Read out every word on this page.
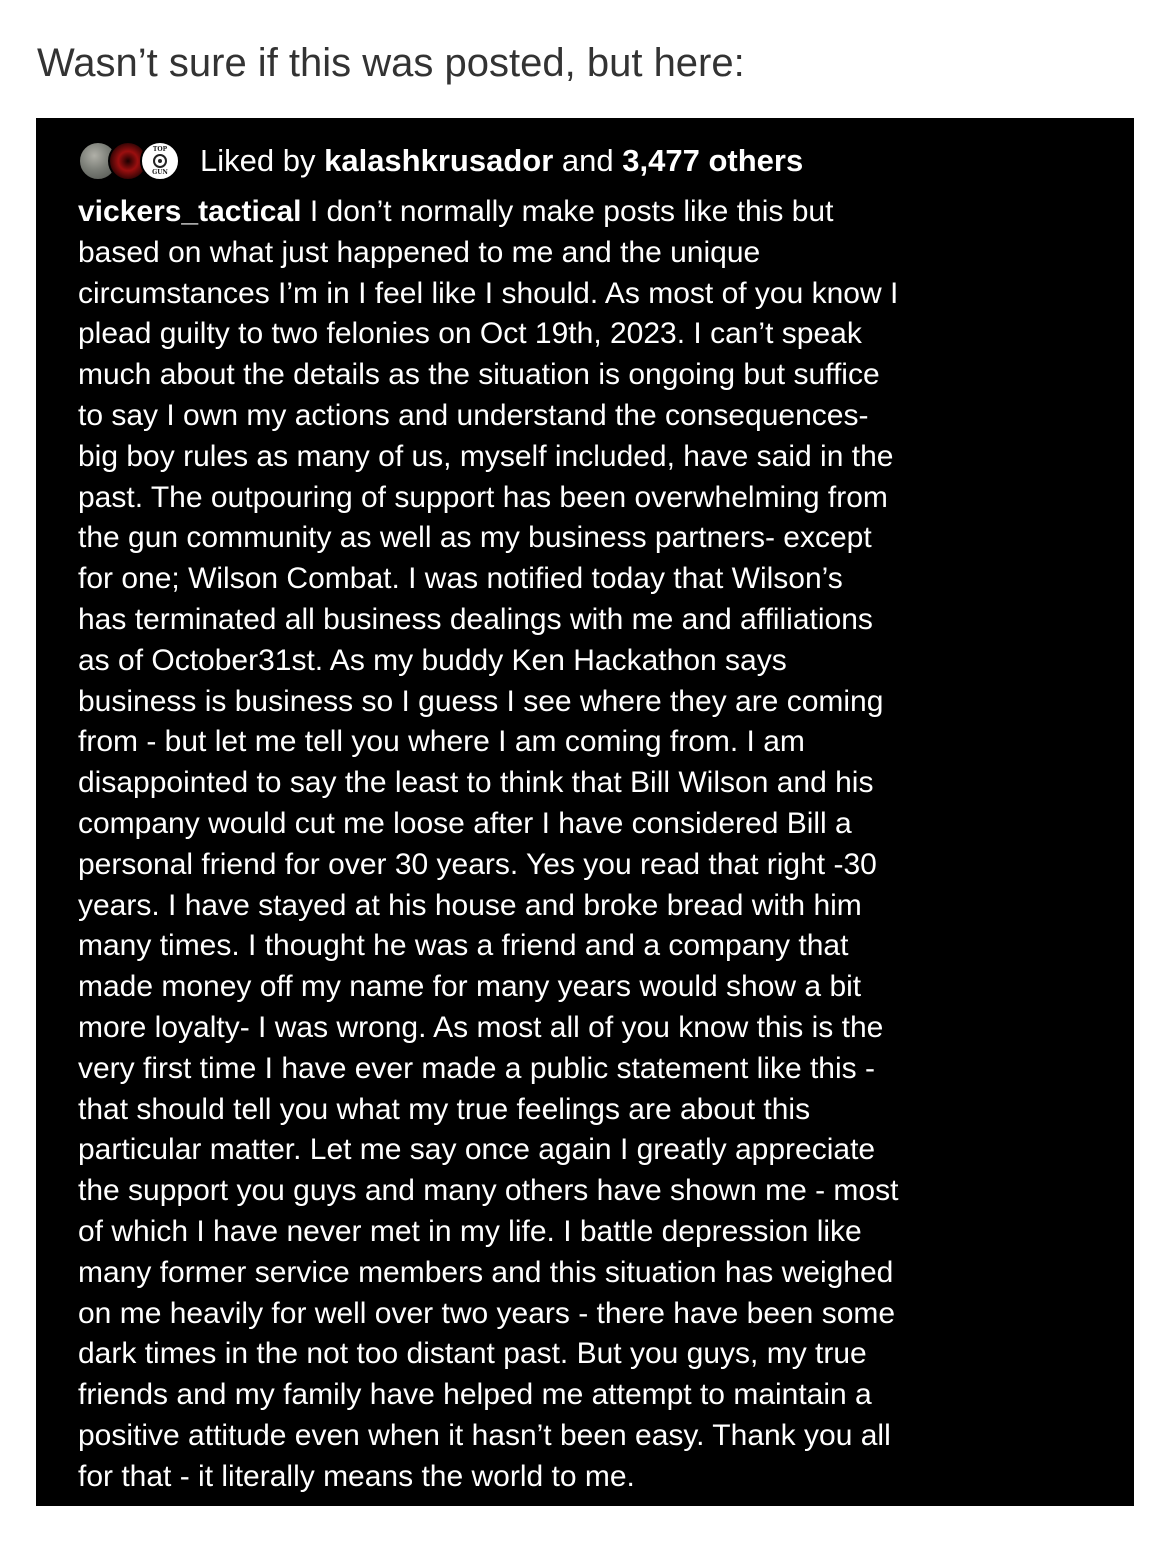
Wasn’t sure if this was posted, but here:
TOP
GUN	Liked by kalashkrusador and 3,477 others
vickers_tactical I don’t normally make posts like this but
based on what just happened to me and the unique
circumstances I’m in I feel like I should. As most of you know I
plead guilty to two felonies on Oct 19th, 2023. I can’t speak
much about the details as the situation is ongoing but suffice
to say I own my actions and understand the consequences-
big boy rules as many of us, myself included, have said in the
past. The outpouring of support has been overwhelming from
the gun community as well as my business partners- except
for one; Wilson Combat. I was notified today that Wilson’s
has terminated all business dealings with me and affiliations
as of October31st. As my buddy Ken Hackathon says
business is business so I guess I see where they are coming
from - but let me tell you where I am coming from. I am
disappointed to say the least to think that Bill Wilson and his
company would cut me loose after I have considered Bill a
personal friend for over 30 years. Yes you read that right -30
years. I have stayed at his house and broke bread with him
many times. I thought he was a friend and a company that
made money off my name for many years would show a bit
more loyalty- I was wrong. As most all of you know this is the
very first time I have ever made a public statement like this -
that should tell you what my true feelings are about this
particular matter. Let me say once again I greatly appreciate
the support you guys and many others have shown me - most
of which I have never met in my life. I battle depression like
many former service members and this situation has weighed
on me heavily for well over two years - there have been some
dark times in the not too distant past. But you guys, my true
friends and my family have helped me attempt to maintain a
positive attitude even when it hasn’t been easy. Thank you all
for that - it literally means the world to me.
